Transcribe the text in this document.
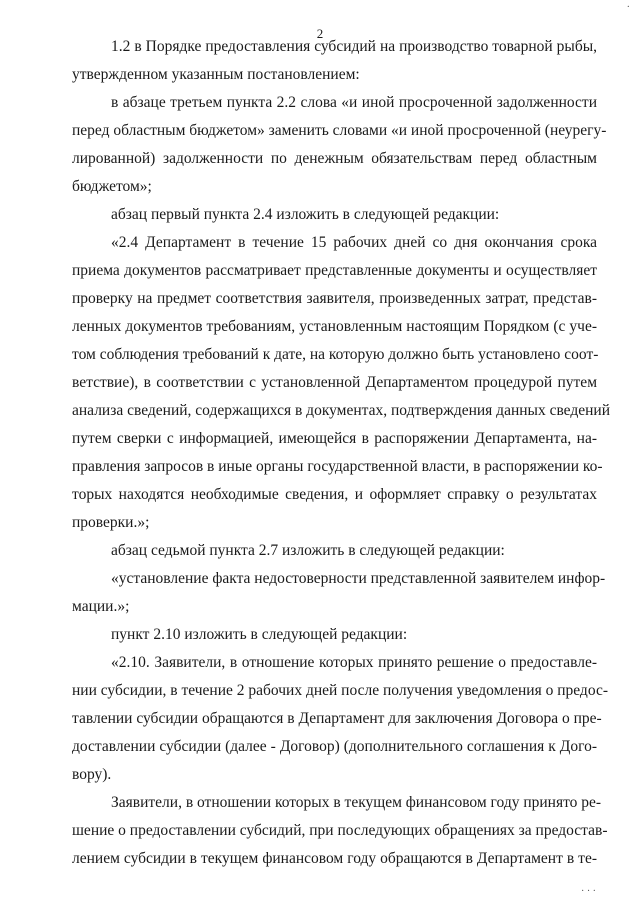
·
2
1.2 в Порядке предоставления субсидий на производство товарной рыбы,
утвержденном указанным постановлением:
в абзаце третьем пункта 2.2 слова «и иной просроченной задолженности
перед областным бюджетом» заменить словами «и иной просроченной (неурегу-
лированной) задолженности по денежным обязательствам перед областным
бюджетом»;
абзац первый пункта 2.4 изложить в следующей редакции:
«2.4 Департамент в течение 15 рабочих дней со дня окончания срока
приема документов рассматривает представленные документы и осуществляет
проверку на предмет соответствия заявителя, произведенных затрат, представ-
ленных документов требованиям, установленным настоящим Порядком (с уче-
том соблюдения требований к дате, на которую должно быть установлено соот-
ветствие), в соответствии с установленной Департаментом процедурой путем
анализа сведений, содержащихся в документах, подтверждения данных сведений
путем сверки с информацией, имеющейся в распоряжении Департамента, на-
правления запросов в иные органы государственной власти, в распоряжении ко-
торых находятся необходимые сведения, и оформляет справку о результатах
проверки.»;
абзац седьмой пункта 2.7 изложить в следующей редакции:
«установление факта недостоверности представленной заявителем инфор-
мации.»;
пункт 2.10 изложить в следующей редакции:
«2.10. Заявители, в отношение которых принято решение о предоставле-
нии субсидии, в течение 2 рабочих дней после получения уведомления о предос-
тавлении субсидии обращаются в Департамент для заключения Договора о пре-
доставлении субсидии (далее - Договор) (дополнительного соглашения к Дого-
вору).
Заявители, в отношении которых в текущем финансовом году принято ре-
шение о предоставлении субсидий, при последующих обращениях за предостав-
лением субсидии в текущем финансовом году обращаются в Департамент в те-
· · ·
